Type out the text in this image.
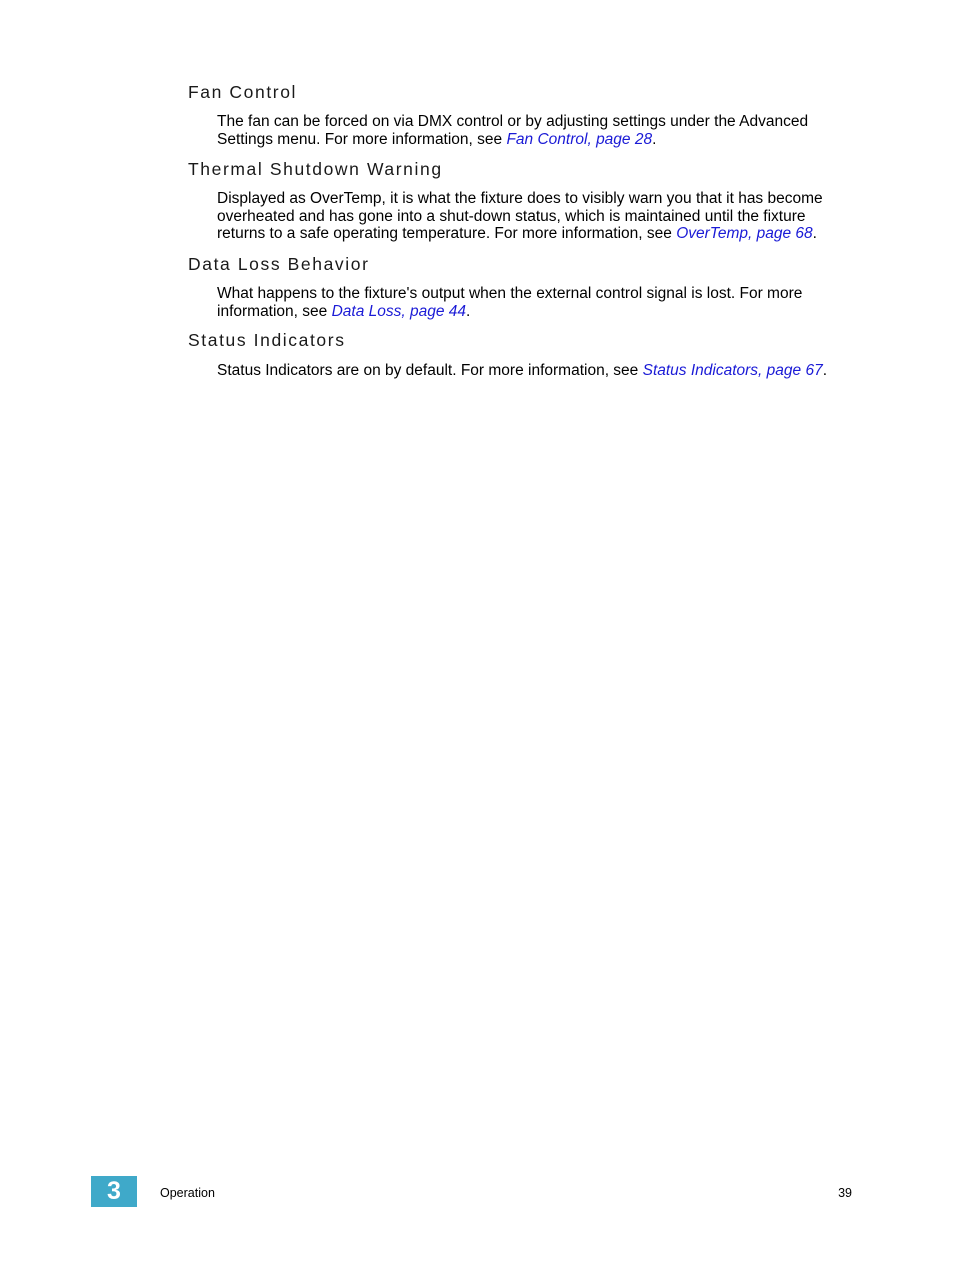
Fan Control

The fan can be forced on via DMX control or by adjusting settings under the Advanced Settings menu. For more information, see Fan Control, page 28.

Thermal Shutdown Warning

Displayed as OverTemp, it is what the fixture does to visibly warn you that it has become overheated and has gone into a shut-down status, which is maintained until the fixture returns to a safe operating temperature. For more information, see OverTemp, page 68.

Data Loss Behavior

What happens to the fixture's output when the external control signal is lost. For more information, see Data Loss, page 44.

Status Indicators

Status Indicators are on by default. For more information, see Status Indicators, page 67.

3	Operation	39
